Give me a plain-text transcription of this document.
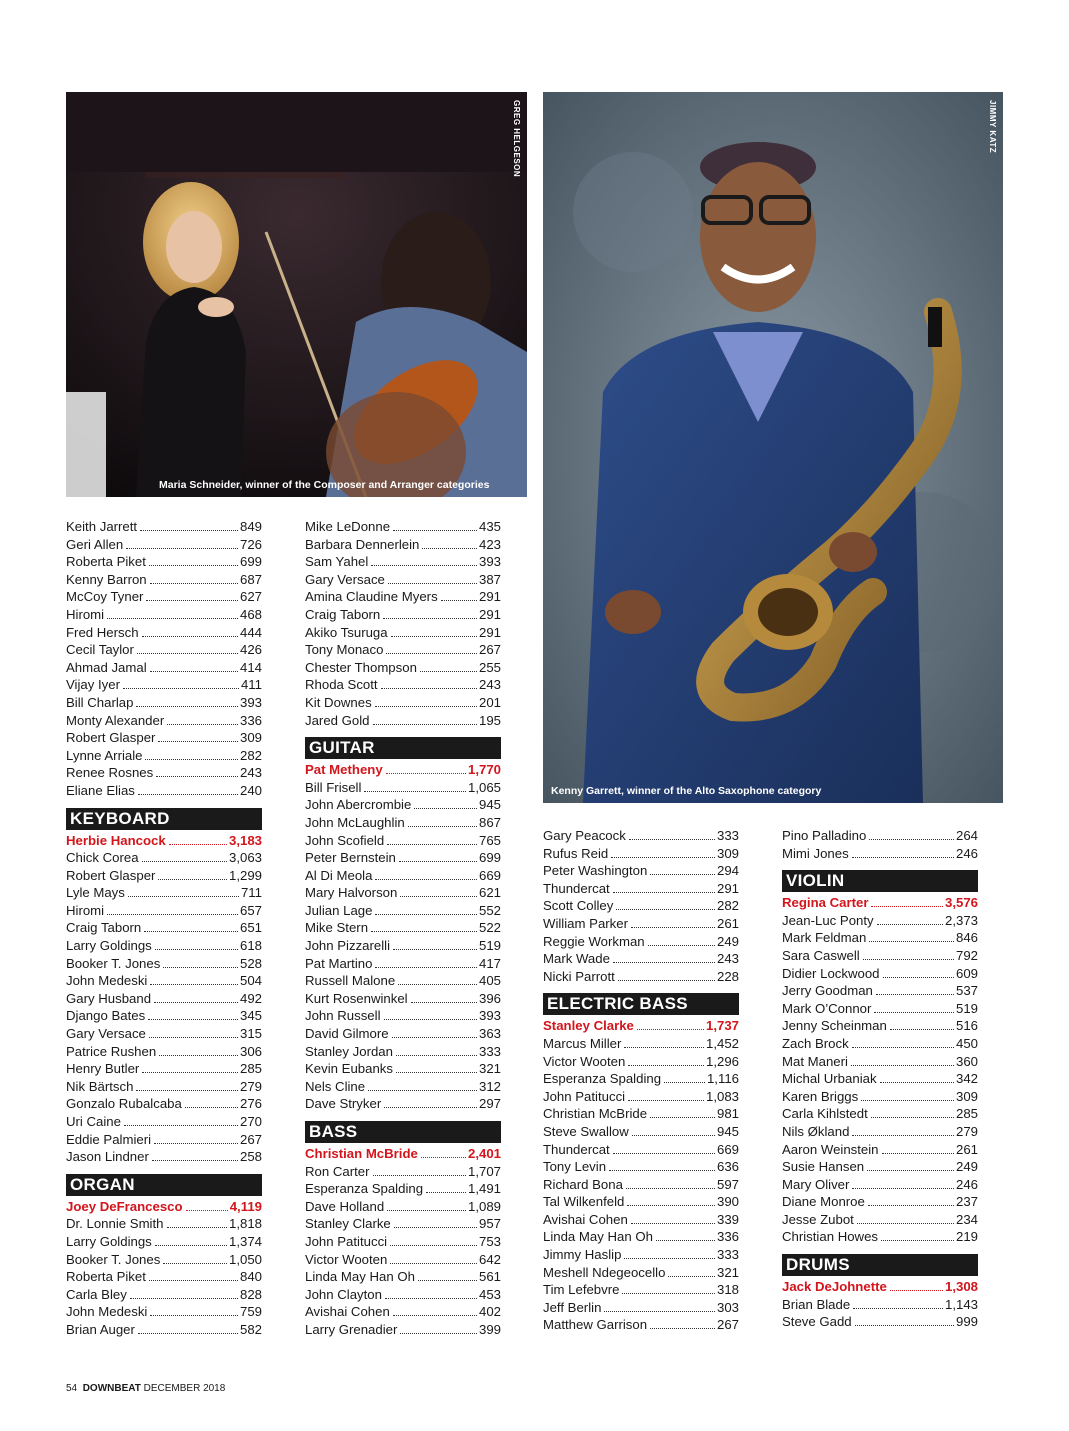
GREG HELGESON
Maria Schneider, winner of the Composer and Arranger categories
JIMMY KATZ
Kenny Garrett, winner of the Alto Saxophone category
Keith Jarrett	849
Geri Allen	726
Roberta Piket	699
Kenny Barron	687
McCoy Tyner	627
Hiromi	468
Fred Hersch	444
Cecil Taylor	426
Ahmad Jamal	414
Vijay Iyer	411
Bill Charlap	393
Monty Alexander	336
Robert Glasper	309
Lynne Arriale	282
Renee Rosnes	243
Eliane Elias	240
KEYBOARD
Herbie Hancock	3,183
Chick Corea	3,063
Robert Glasper	1,299
Lyle Mays	711
Hiromi	657
Craig Taborn	651
Larry Goldings	618
Booker T. Jones	528
John Medeski	504
Gary Husband	492
Django Bates	345
Gary Versace	315
Patrice Rushen	306
Henry Butler	285
Nik Bärtsch	279
Gonzalo Rubalcaba	276
Uri Caine	270
Eddie Palmieri	267
Jason Lindner	258
ORGAN
Joey DeFrancesco	4,119
Dr. Lonnie Smith	1,818
Larry Goldings	1,374
Booker T. Jones	1,050
Roberta Piket	840
Carla Bley	828
John Medeski	759
Brian Auger	582
Mike LeDonne	435
Barbara Dennerlein	423
Sam Yahel	393
Gary Versace	387
Amina Claudine Myers	291
Craig Taborn	291
Akiko Tsuruga	291
Tony Monaco	267
Chester Thompson	255
Rhoda Scott	243
Kit Downes	201
Jared Gold	195
GUITAR
Pat Metheny	1,770
Bill Frisell	1,065
John Abercrombie	945
John McLaughlin	867
John Scofield	765
Peter Bernstein	699
Al Di Meola	669
Mary Halvorson	621
Julian Lage	552
Mike Stern	522
John Pizzarelli	519
Pat Martino	417
Russell Malone	405
Kurt Rosenwinkel	396
John Russell	393
David Gilmore	363
Stanley Jordan	333
Kevin Eubanks	321
Nels Cline	312
Dave Stryker	297
BASS
Christian McBride	2,401
Ron Carter	1,707
Esperanza Spalding	1,491
Dave Holland	1,089
Stanley Clarke	957
John Patitucci	753
Victor Wooten	642
Linda May Han Oh	561
John Clayton	453
Avishai Cohen	402
Larry Grenadier	399
Gary Peacock	333
Rufus Reid	309
Peter Washington	294
Thundercat	291
Scott Colley	282
William Parker	261
Reggie Workman	249
Mark Wade	243
Nicki Parrott	228
ELECTRIC BASS
Stanley Clarke	1,737
Marcus Miller	1,452
Victor Wooten	1,296
Esperanza Spalding	1,116
John Patitucci	1,083
Christian McBride	981
Steve Swallow	945
Thundercat	669
Tony Levin	636
Richard Bona	597
Tal Wilkenfeld	390
Avishai Cohen	339
Linda May Han Oh	336
Jimmy Haslip	333
Meshell Ndegeocello	321
Tim Lefebvre	318
Jeff Berlin	303
Matthew Garrison	267
Pino Palladino	264
Mimi Jones	246
VIOLIN
Regina Carter	3,576
Jean-Luc Ponty	2,373
Mark Feldman	846
Sara Caswell	792
Didier Lockwood	609
Jerry Goodman	537
Mark O’Connor	519
Jenny Scheinman	516
Zach Brock	450
Mat Maneri	360
Michal Urbaniak	342
Karen Briggs	309
Carla Kihlstedt	285
Nils Økland	279
Aaron Weinstein	261
Susie Hansen	249
Mary Oliver	246
Diane Monroe	237
Jesse Zubot	234
Christian Howes	219
DRUMS
Jack DeJohnette	1,308
Brian Blade	1,143
Steve Gadd	999
54 DOWNBEAT DECEMBER 2018
